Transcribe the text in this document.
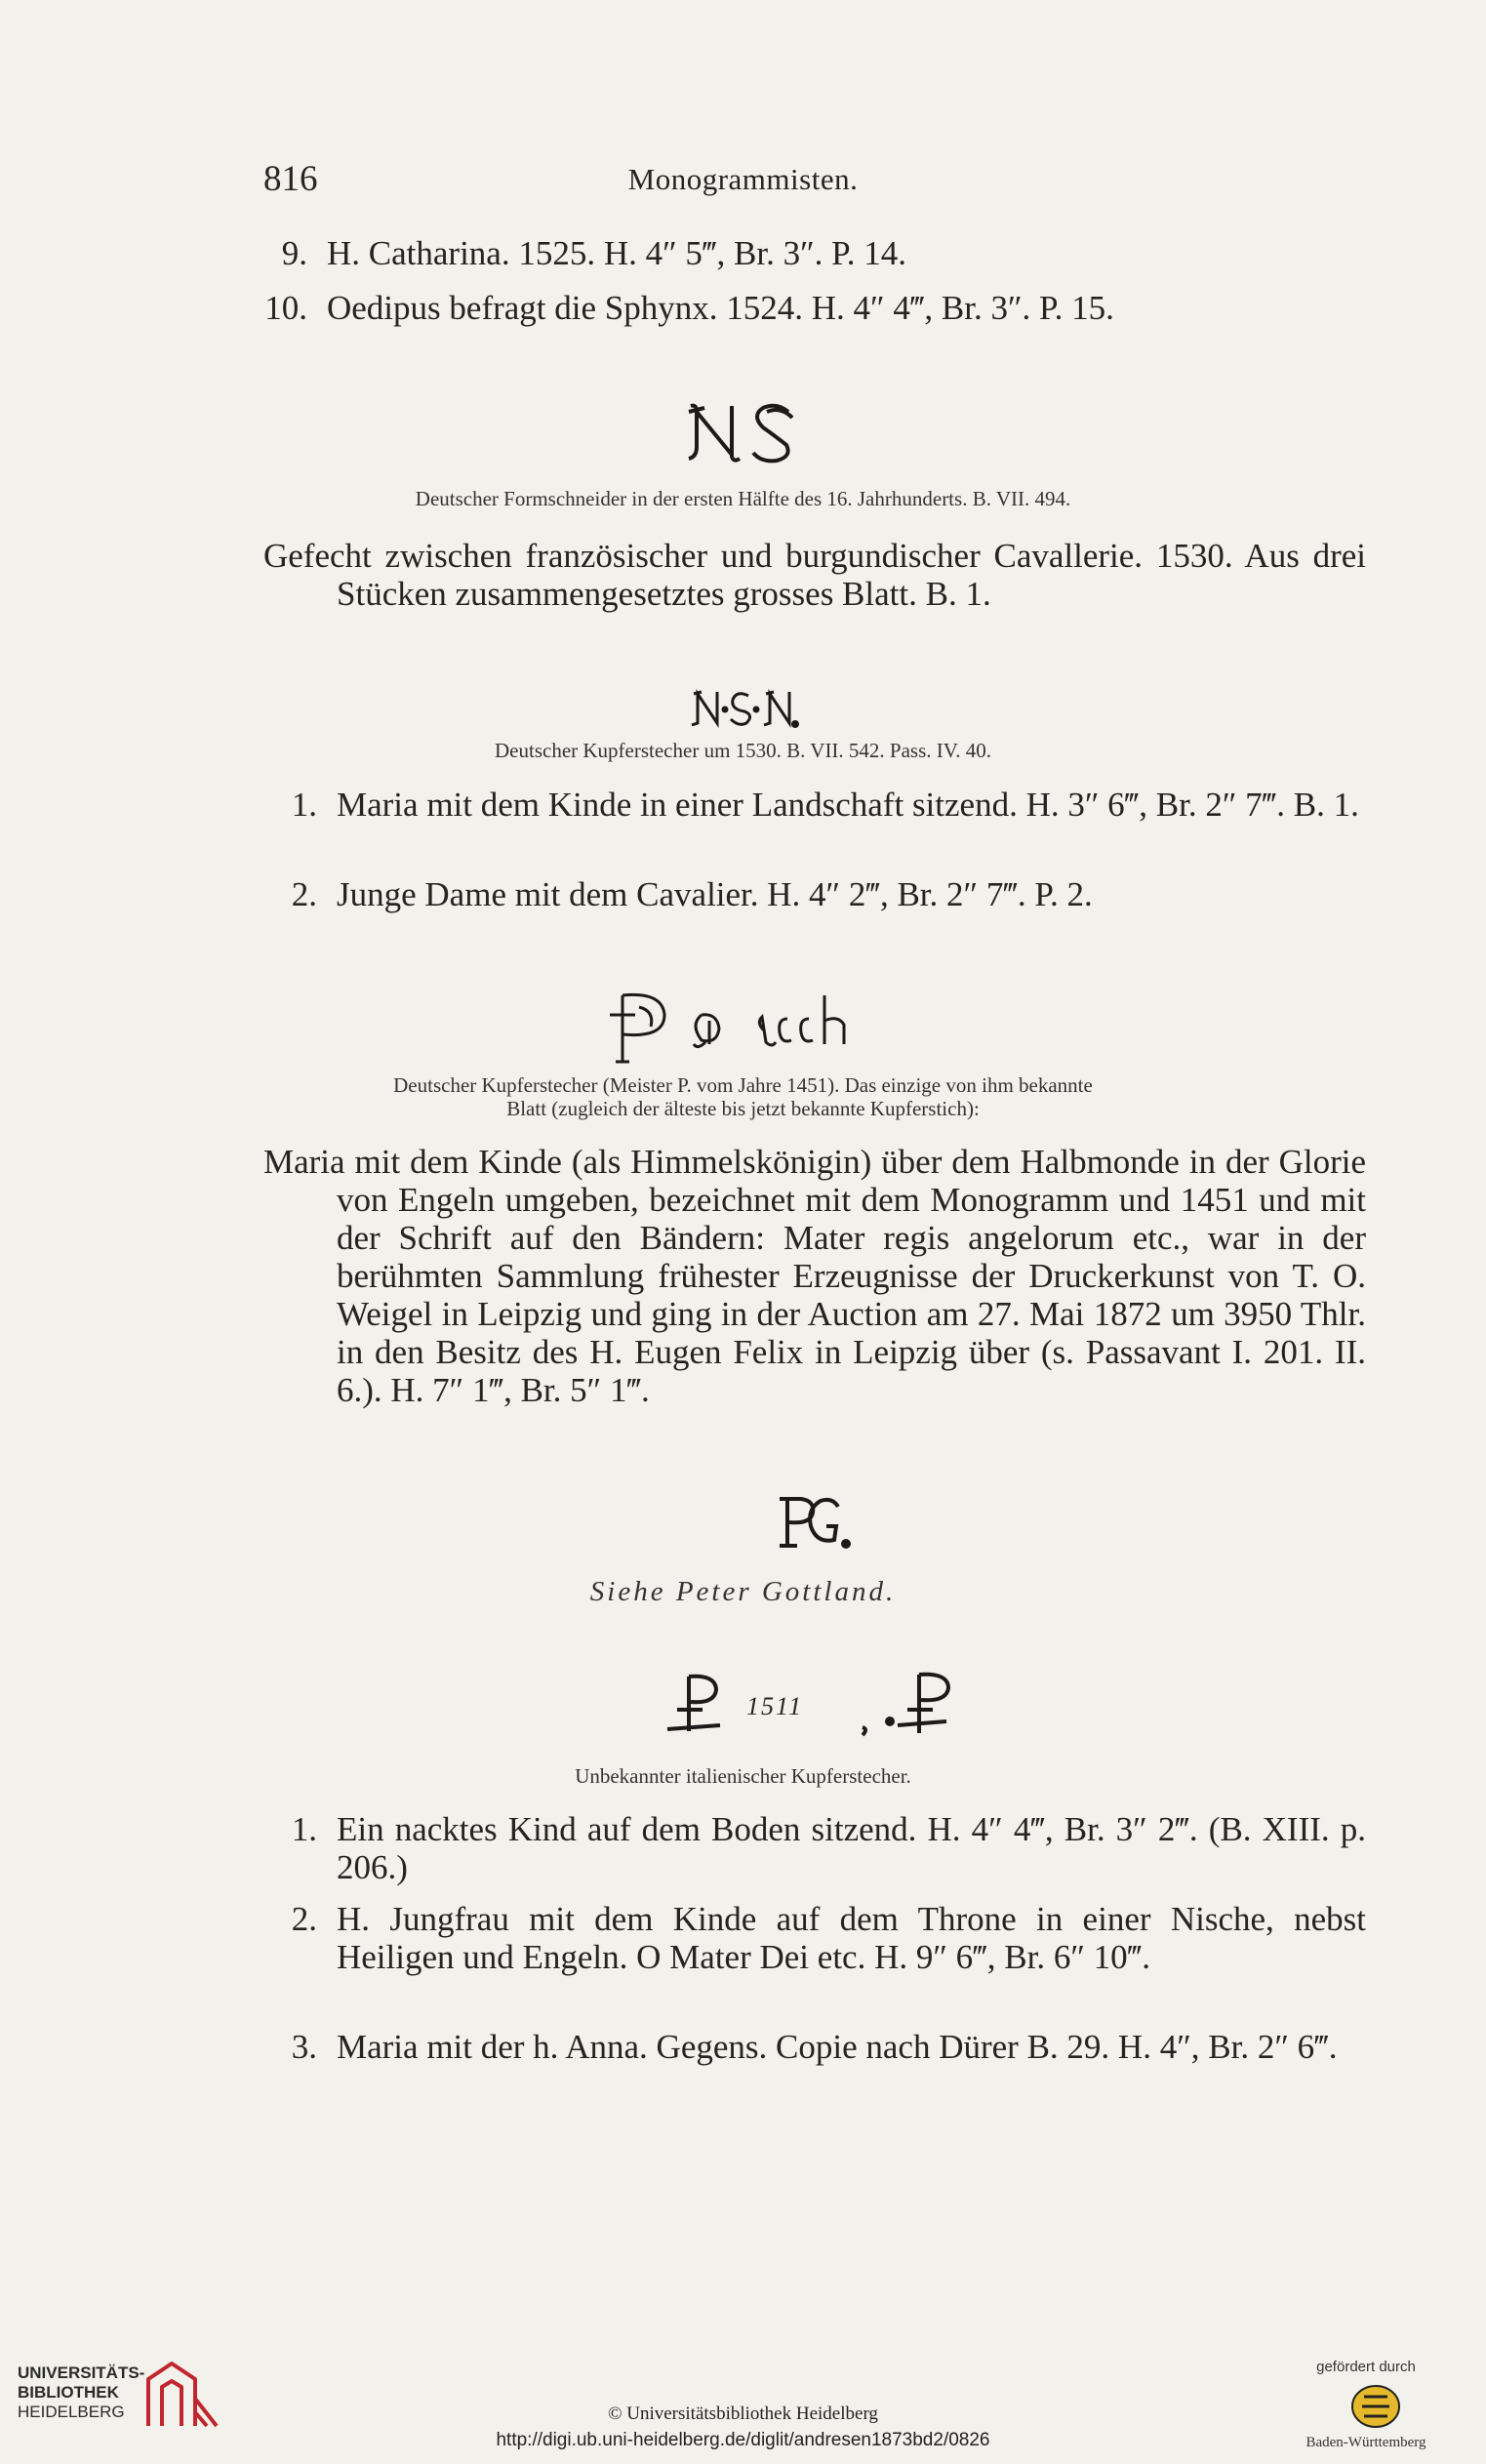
816	Monogrammisten.
9. H. Catharina. 1525. H. 4″ 5‴, Br. 3″. P. 14.
10. Oedipus befragt die Sphynx. 1524. H. 4″ 4‴, Br. 3″. P. 15.
Deutscher Formschneider in der ersten Hälfte des 16. Jahrhunderts. B. VII. 494.
Gefecht zwischen französischer und burgundischer Cavallerie. 1530. Aus drei Stücken zusammengesetztes grosses Blatt. B. 1.
Deutscher Kupferstecher um 1530. B. VII. 542. Pass. IV. 40.
1. Maria mit dem Kinde in einer Landschaft sitzend. H. 3″ 6‴, Br. 2″ 7‴. B. 1.
2. Junge Dame mit dem Cavalier. H. 4″ 2‴, Br. 2″ 7‴. P. 2.
Deutscher Kupferstecher (Meister P. vom Jahre 1451). Das einzige von ihm bekannte
Blatt (zugleich der älteste bis jetzt bekannte Kupferstich):
Maria mit dem Kinde (als Himmelskönigin) über dem Halbmonde in der Glorie von Engeln umgeben, bezeichnet mit dem Monogramm und 1451 und mit der Schrift auf den Bändern: Mater regis angelorum etc., war in der berühmten Sammlung frühester Erzeugnisse der Druckerkunst von T. O. Weigel in Leipzig und ging in der Auction am 27. Mai 1872 um 3950 Thlr. in den Besitz des H. Eugen Felix in Leipzig über (s. Passavant I. 201. II. 6.). H. 7″ 1‴, Br. 5″ 1‴.
Siehe Peter Gottland.
1511
Unbekannter italienischer Kupferstecher.
1. Ein nacktes Kind auf dem Boden sitzend. H. 4″ 4‴, Br. 3″ 2‴. (B. XIII. p. 206.)
2. H. Jungfrau mit dem Kinde auf dem Throne in einer Nische, nebst Heiligen und Engeln. O Mater Dei etc. H. 9″ 6‴, Br. 6″ 10‴.
3. Maria mit der h. Anna. Gegens. Copie nach Dürer B. 29. H. 4″, Br. 2″ 6‴.
UNIVERSITÄTS-
BIBLIOTHEK
HEIDELBERG	© Universitätsbibliothek Heidelberg
http://digi.ub.uni-heidelberg.de/diglit/andresen1873bd2/0826
gefördert durch
Baden-Württemberg
